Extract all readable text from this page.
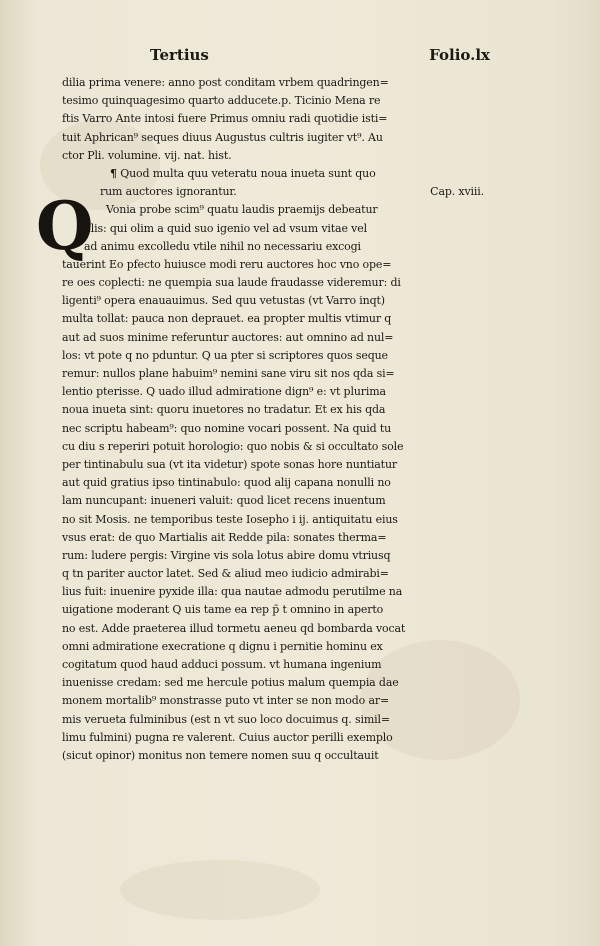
Tertius	Folio.lx
dilia prima venere: anno post conditam vrbem quadringen=
tesimo quinquagesimo quarto adducete.p. Ticinio Mena re
ftis Varro Ante intosi fuere Primus omniu radi quotidie isti=
tuit Aphrican⁹ seques diuus Augustus cultris iugiter vt⁹. Au
ctor Pli. volumine. vij. nat. hist.
¶ Quod multa quu veteratu noua inueta sunt quo
rum auctores ignorantur.	Cap. xviii.
Q	Vonia probe scim⁹ quatu laudis praemijs debeatur
illis: qui olim a quid suo igenio vel ad vsum vitae vel
ad animu excolledu vtile nihil no necessariu excogi
tauerint Eo pfecto huiusce modi reru auctores hoc vno ope=
re oes coplecti: ne quempia sua laude fraudasse videremur: di
ligenti⁹ opera enauauimus. Sed quu vetustas (vt Varro inqt)
multa tollat: pauca non deprauet. ea propter multis vtimur q
aut ad suos minime referuntur auctores: aut omnino ad nul=
los: vt pote q no pduntur. Q ua pter si scriptores quos seque
remur: nullos plane habuim⁹ nemini sane viru sit nos qda si=
lentio pterisse. Q uado illud admiratione dign⁹ e: vt plurima
noua inueta sint: quoru inuetores no tradatur. Et ex his qda
nec scriptu habeam⁹: quo nomine vocari possent. Na quid tu
cu diu s reperiri potuit horologio: quo nobis & si occultato sole
per tintinabulu sua (vt ita videtur) spote sonas hore nuntiatur
aut quid gratius ipso tintinabulo: quod alij capana nonulli no
lam nuncupant: inueneri valuit: quod licet recens inuentum
no sit Mosis. ne temporibus teste Iosepho i ij. antiquitatu eius
vsus erat: de quo Martialis ait Redde pila: sonates therma=
rum: ludere pergis: Virgine vis sola lotus abire domu vtriusq
q tn pariter auctor latet. Sed & aliud meo iudicio admirabi=
lius fuit: inuenire pyxide illa: qua nautae admodu perutilme na
uigatione moderant Q uis tame ea rep p̄ t omnino in aperto
no est. Adde praeterea illud tormetu aeneu qd bombarda vocat
omni admiratione execratione q dignu i pernitie hominu ex
cogitatum quod haud adduci possum. vt humana ingenium
inuenisse credam: sed me hercule potius malum quempia dae
monem mortalib⁹ monstrasse puto vt inter se non modo ar=
mis verueta fulminibus (est n vt suo loco docuimus q. simil=
limu fulmini) pugna re valerent. Cuius auctor perilli exemplo
(sicut opinor) monitus non temere nomen suu q occultauit
